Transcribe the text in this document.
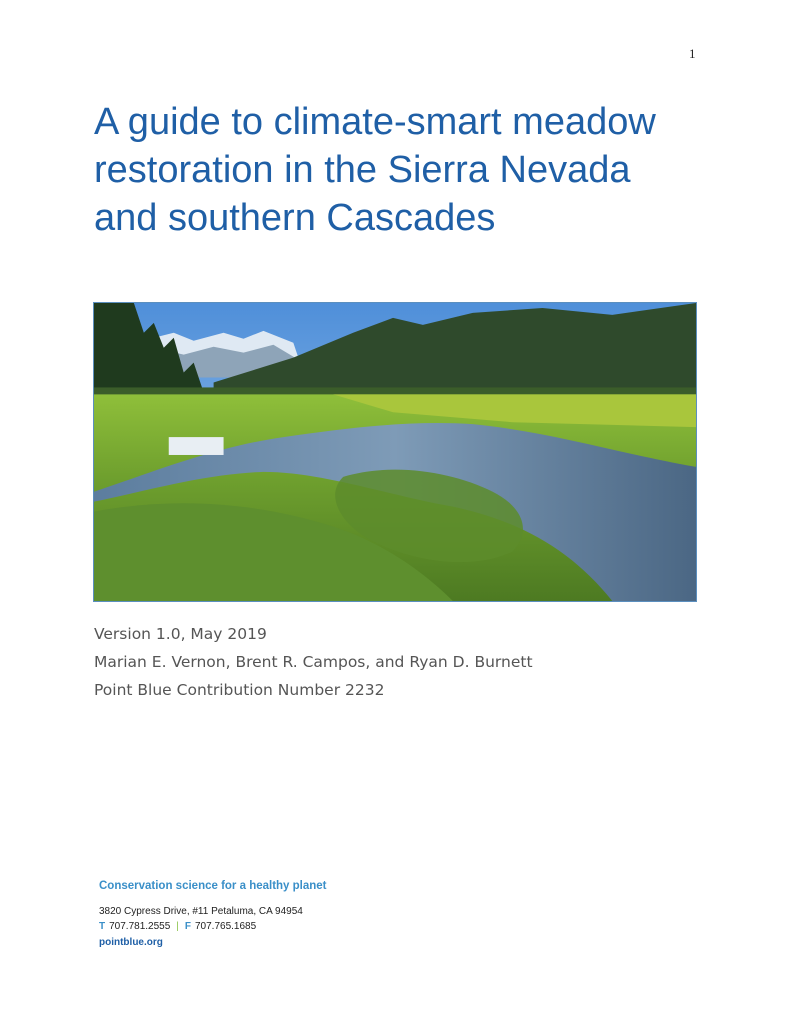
1
A guide to climate-smart meadow restoration in the Sierra Nevada and southern Cascades

Version 1.0, May 2019

Marian E. Vernon, Brent R. Campos, and Ryan D. Burnett

Point Blue Contribution Number 2232

Conservation science for a healthy planet

3820 Cypress Drive, #11 Petaluma, CA 94954

T 707.781.2555 | F 707.765.1685

pointblue.org
